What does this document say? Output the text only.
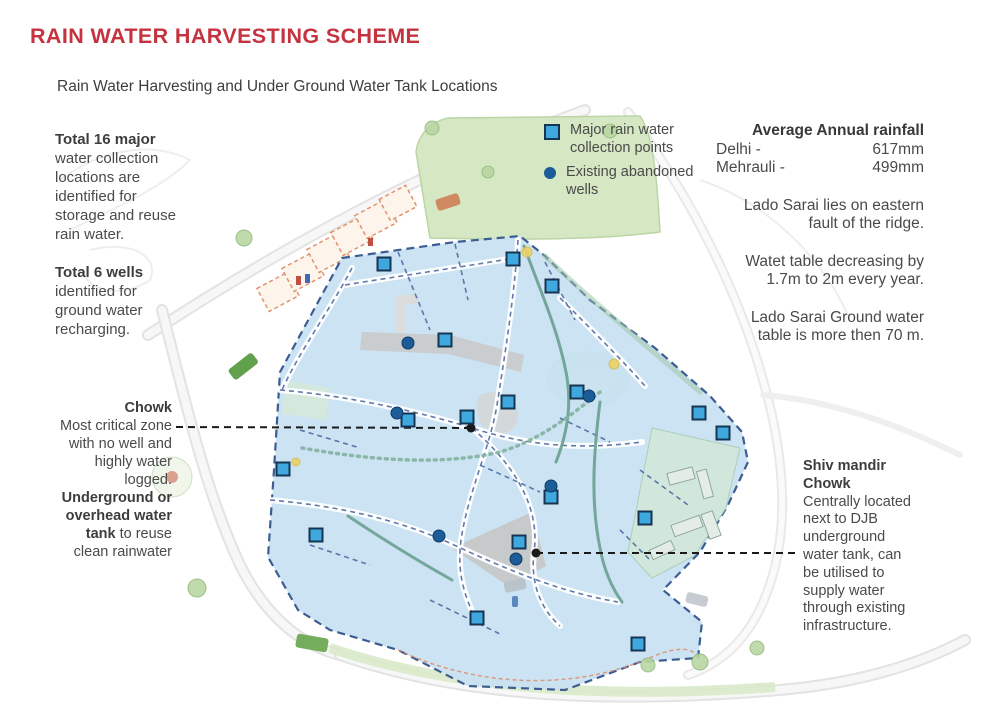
RAIN WATER HARVESTING SCHEME
Rain Water Harvesting and Under Ground Water Tank Locations
Total 16 major water collection locations are identified for storage and reuse rain water.
Total 6 wells identified for ground water recharging.
Major rain water collection points
Existing abandoned wells
Average Annual rainfall
Delhi -	617mm
Mehrauli -	499mm
Lado Sarai lies on eastern fault of the ridge.
Watet table decreasing by 1.7m to 2m every year.
Lado Sarai Ground water table is more then 70 m.
Chowk
Most critical zone with no well and highly water logged. Underground or overhead water tank to reuse clean rainwater
Shiv mandir Chowk
Centrally located next to DJB underground water tank, can be utilised to supply water through existing infrastructure.
